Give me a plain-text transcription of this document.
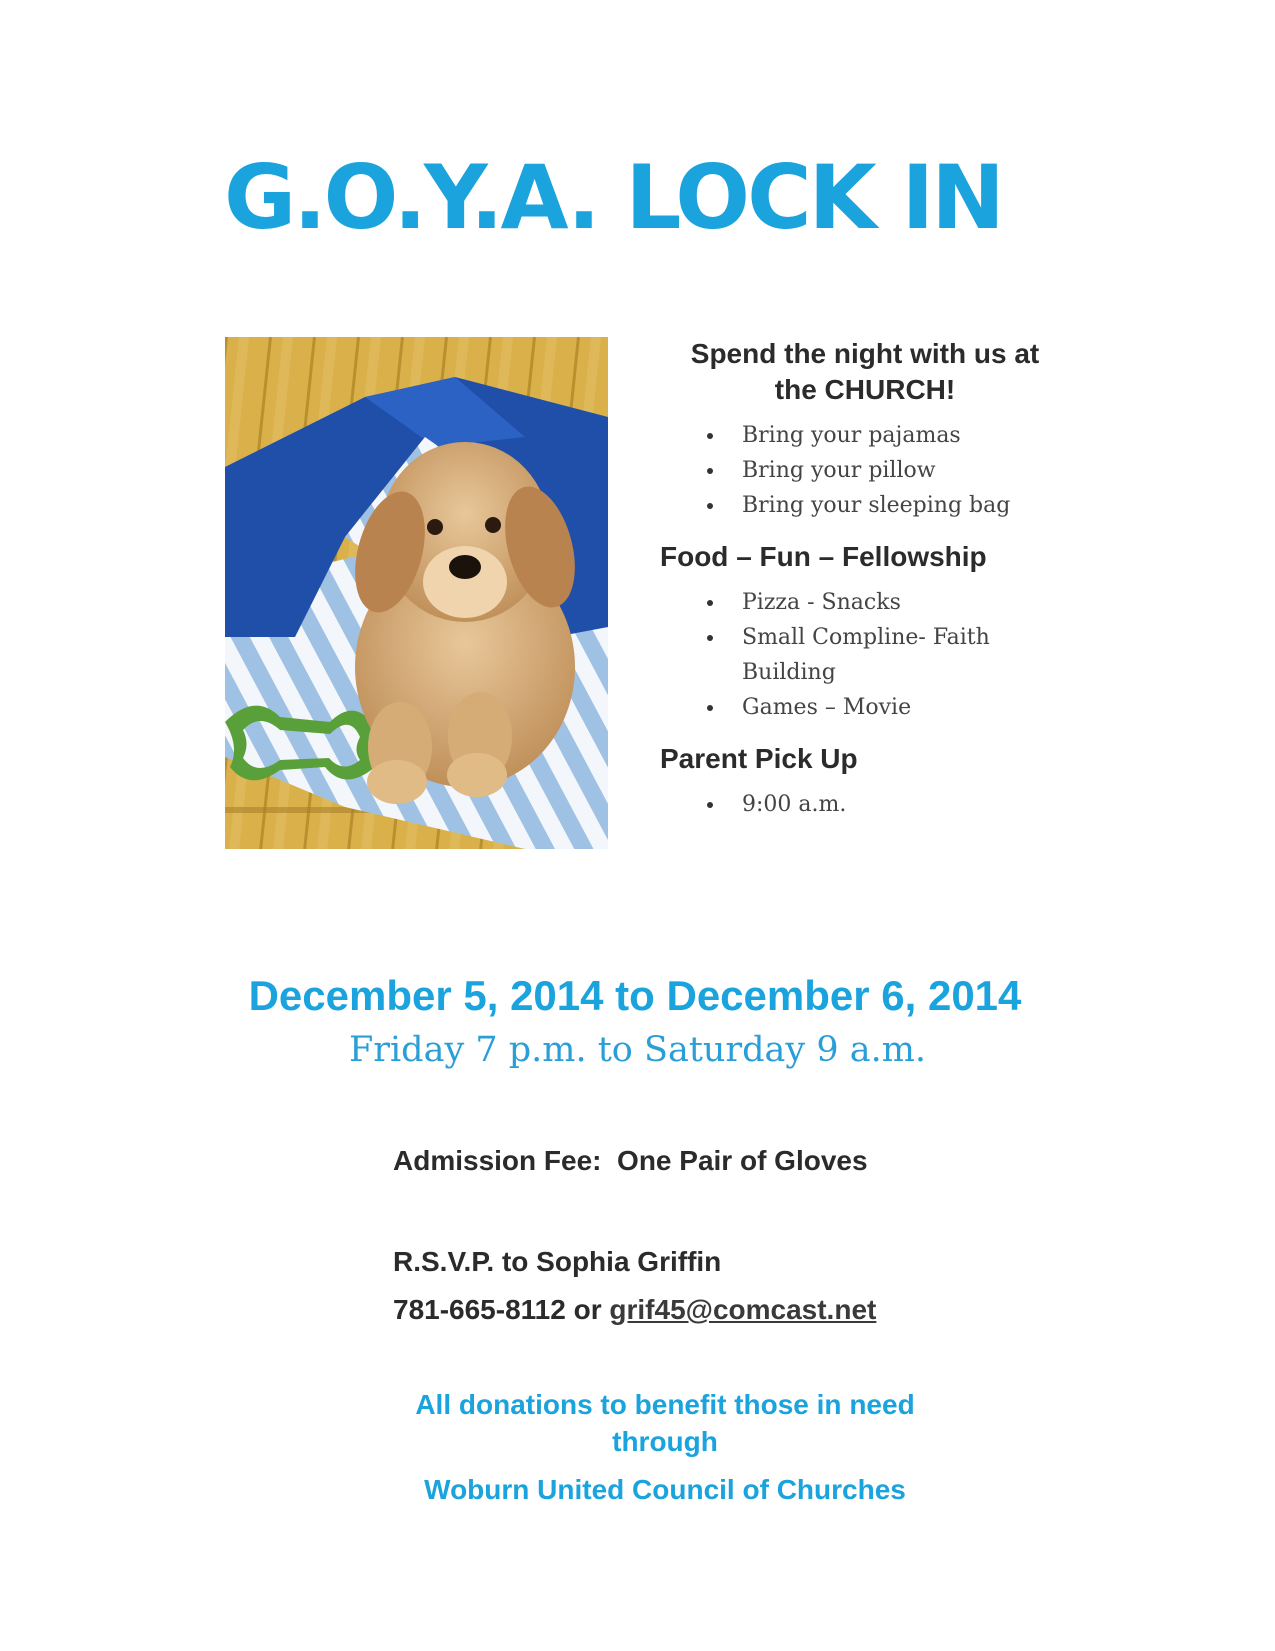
G.O.Y.A. LOCK IN
Spend the night with us at
the CHURCH!
Bring your pajamas
Bring your pillow
Bring your sleeping bag
Food – Fun – Fellowship
Pizza - Snacks
Small Compline- Faith Building
Games – Movie
Parent Pick Up
9:00 a.m.
December 5, 2014 to December 6, 2014
Friday 7 p.m. to Saturday 9 a.m.
Admission Fee:  One Pair of Gloves
R.S.V.P. to Sophia Griffin
781-665-8112 or grif45@comcast.net
All donations to benefit those in need
through
Woburn United Council of Churches
